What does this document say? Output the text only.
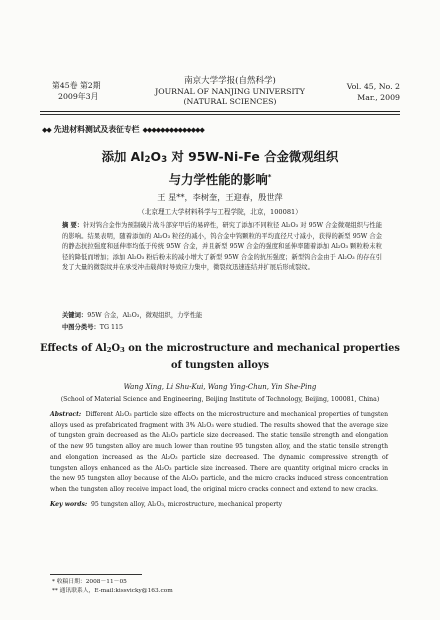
第45卷 第2期
2009年3月
南京大学学报(自然科学)
JOURNAL OF NANJING UNIVERSITY
(NATURAL SCIENCES)
Vol. 45, No. 2
Mar., 2009
◆◆ 先进材料测试及表征专栏 ◆◆◆◆◆◆◆◆◆◆◆◆◆◆
添加 Al2O3 对 95W-Ni-Fe 合金微观组织
与力学性能的影响*
王 星**，李树奎，王迎春，殷世萍
（北京理工大学材料科学与工程学院，北京，100081）
摘 要：针对钨合金作为预制破片战斗部穿甲后的易碎性，研究了添加不同粒径 Al₂O₃ 对 95W 合金微观组织与性能的影响。结果表明，随着添加的 Al₂O₃ 粒径的减小，钨合金中钨颗粒的平均直径尺寸减小，获得的新型 95W 合金的静态抗拉强度和延伸率均低于传统 95W 合金，并且新型 95W 合金的强度和延伸率随着添加 Al₂O₃ 颗粒粉末粒径的降低而增加；添加 Al₂O₃ 粉后粉末的减小增大了新型 95W 合金的抗压强度；新型钨合金由于 Al₂O₃ 的存在引发了大量的微裂纹并在承受冲击载荷时导致应力集中，微裂纹迅速连结并扩展后形成裂纹。
关键词：95W 合金，Al₂O₃，微观组织，力学性能
中图分类号：TG 115
Effects of Al2O3 on the microstructure and mechanical properties
of tungsten alloys
Wang Xing, Li Shu-Kui, Wang Ying-Chun, Yin She-Ping
(School of Material Science and Engineering, Beijing Institute of Technology, Beijing, 100081, China)
Abstract: Different Al₂O₃ particle size effects on the microstructure and mechanical properties of tungsten alloys used as prefabricated fragment with 3% Al₂O₃ were studied. The results showed that the average size of tungsten grain decreased as the Al₂O₃ particle size decreased. The static tensile strength and elongation of the new 95 tungsten alloy are much lower than routine 95 tungsten alloy, and the static tensile strength and elongation increased as the Al₂O₃ particle size decreased. The dynamic compressive strength of tungsten alloys enhanced as the Al₂O₃ particle size increased. There are quantity original micro cracks in the new 95 tungsten alloy because of the Al₂O₃ particle, and the micro cracks induced stress concentration when the tungsten alloy receive impact load, the original micro cracks connect and extend to new cracks.
Key words: 95 tungsten alloy, Al₂O₃, microstructure, mechanical property
* 收稿日期：2008－11－05
** 通讯联系人，E-mail:kissvicky@163.com
